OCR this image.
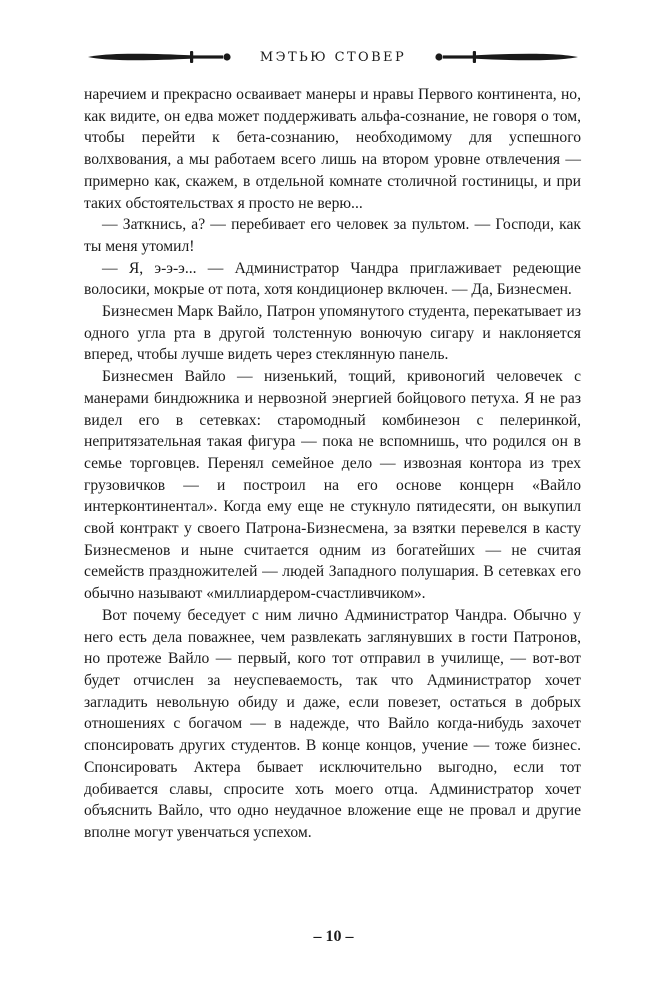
МЭТЬЮ СТОВЕР

наречием и прекрасно осваивает манеры и нравы Первого континента, но, как видите, он едва может поддерживать альфа-сознание, не говоря о том, чтобы перейти к бета-сознанию, необходимому для успешного волхвования, а мы работаем всего лишь на втором уровне отвлечения — примерно как, скажем, в отдельной комнате столичной гостиницы, и при таких обстоятельствах я просто не верю...

— Заткнись, а? — перебивает его человек за пультом. — Господи, как ты меня утомил!

— Я, э-э-э... — Администратор Чандра приглаживает редеющие волосики, мокрые от пота, хотя кондиционер включен. — Да, Бизнесмен.

Бизнесмен Марк Вайло, Патрон упомянутого студента, перекатывает из одного угла рта в другой толстенную вонючую сигару и наклоняется вперед, чтобы лучше видеть через стеклянную панель.

Бизнесмен Вайло — низенький, тощий, кривоногий человечек с манерами биндюжника и нервозной энергией бойцового петуха. Я не раз видел его в сетевках: старомодный комбинезон с пелеринкой, непритязательная такая фигура — пока не вспомнишь, что родился он в семье торговцев. Перенял семейное дело — извозная контора из трех грузовичков — и построил на его основе концерн «Вайло интерконтинентал». Когда ему еще не стукнуло пятидесяти, он выкупил свой контракт у своего Патрона-Бизнесмена, за взятки перевелся в касту Бизнесменов и ныне считается одним из богатейших — не считая семейств праздножителей — людей Западного полушария. В сетевках его обычно называют «миллиардером-счастливчиком».

Вот почему беседует с ним лично Администратор Чандра. Обычно у него есть дела поважнее, чем развлекать заглянувших в гости Патронов, но протеже Вайло — первый, кого тот отправил в училище, — вот-вот будет отчислен за неуспеваемость, так что Администратор хочет загладить невольную обиду и даже, если повезет, остаться в добрых отношениях с богачом — в надежде, что Вайло когда-нибудь захочет спонсировать других студентов. В конце концов, учение — тоже бизнес. Спонсировать Актера бывает исключительно выгодно, если тот добивается славы, спросите хоть моего отца. Администратор хочет объяснить Вайло, что одно неудачное вложение еще не провал и другие вполне могут увенчаться успехом.

– 10 –
